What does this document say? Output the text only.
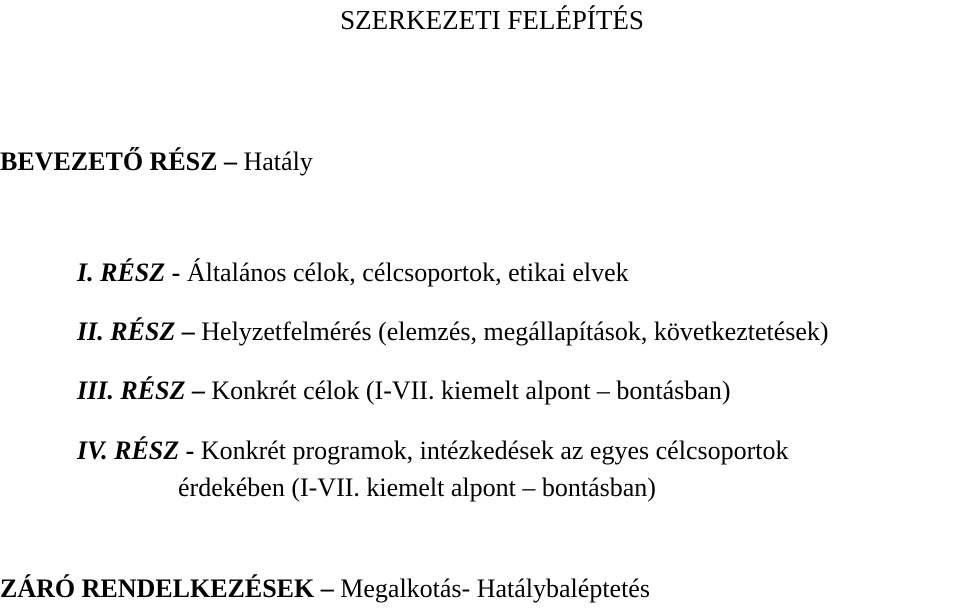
SZERKEZETI FELÉPÍTÉS
BEVEZETŐ RÉSZ – Hatály
I. RÉSZ - Általános célok, célcsoportok, etikai elvek
II. RÉSZ – Helyzetfelmérés (elemzés, megállapítások, következtetések)
III. RÉSZ – Konkrét célok (I-VII. kiemelt alpont – bontásban)
IV. RÉSZ - Konkrét programok, intézkedések az egyes célcsoportok
érdekében (I-VII. kiemelt alpont – bontásban)
ZÁRÓ RENDELKEZÉSEK – Megalkotás- Hatálybaléptetés
